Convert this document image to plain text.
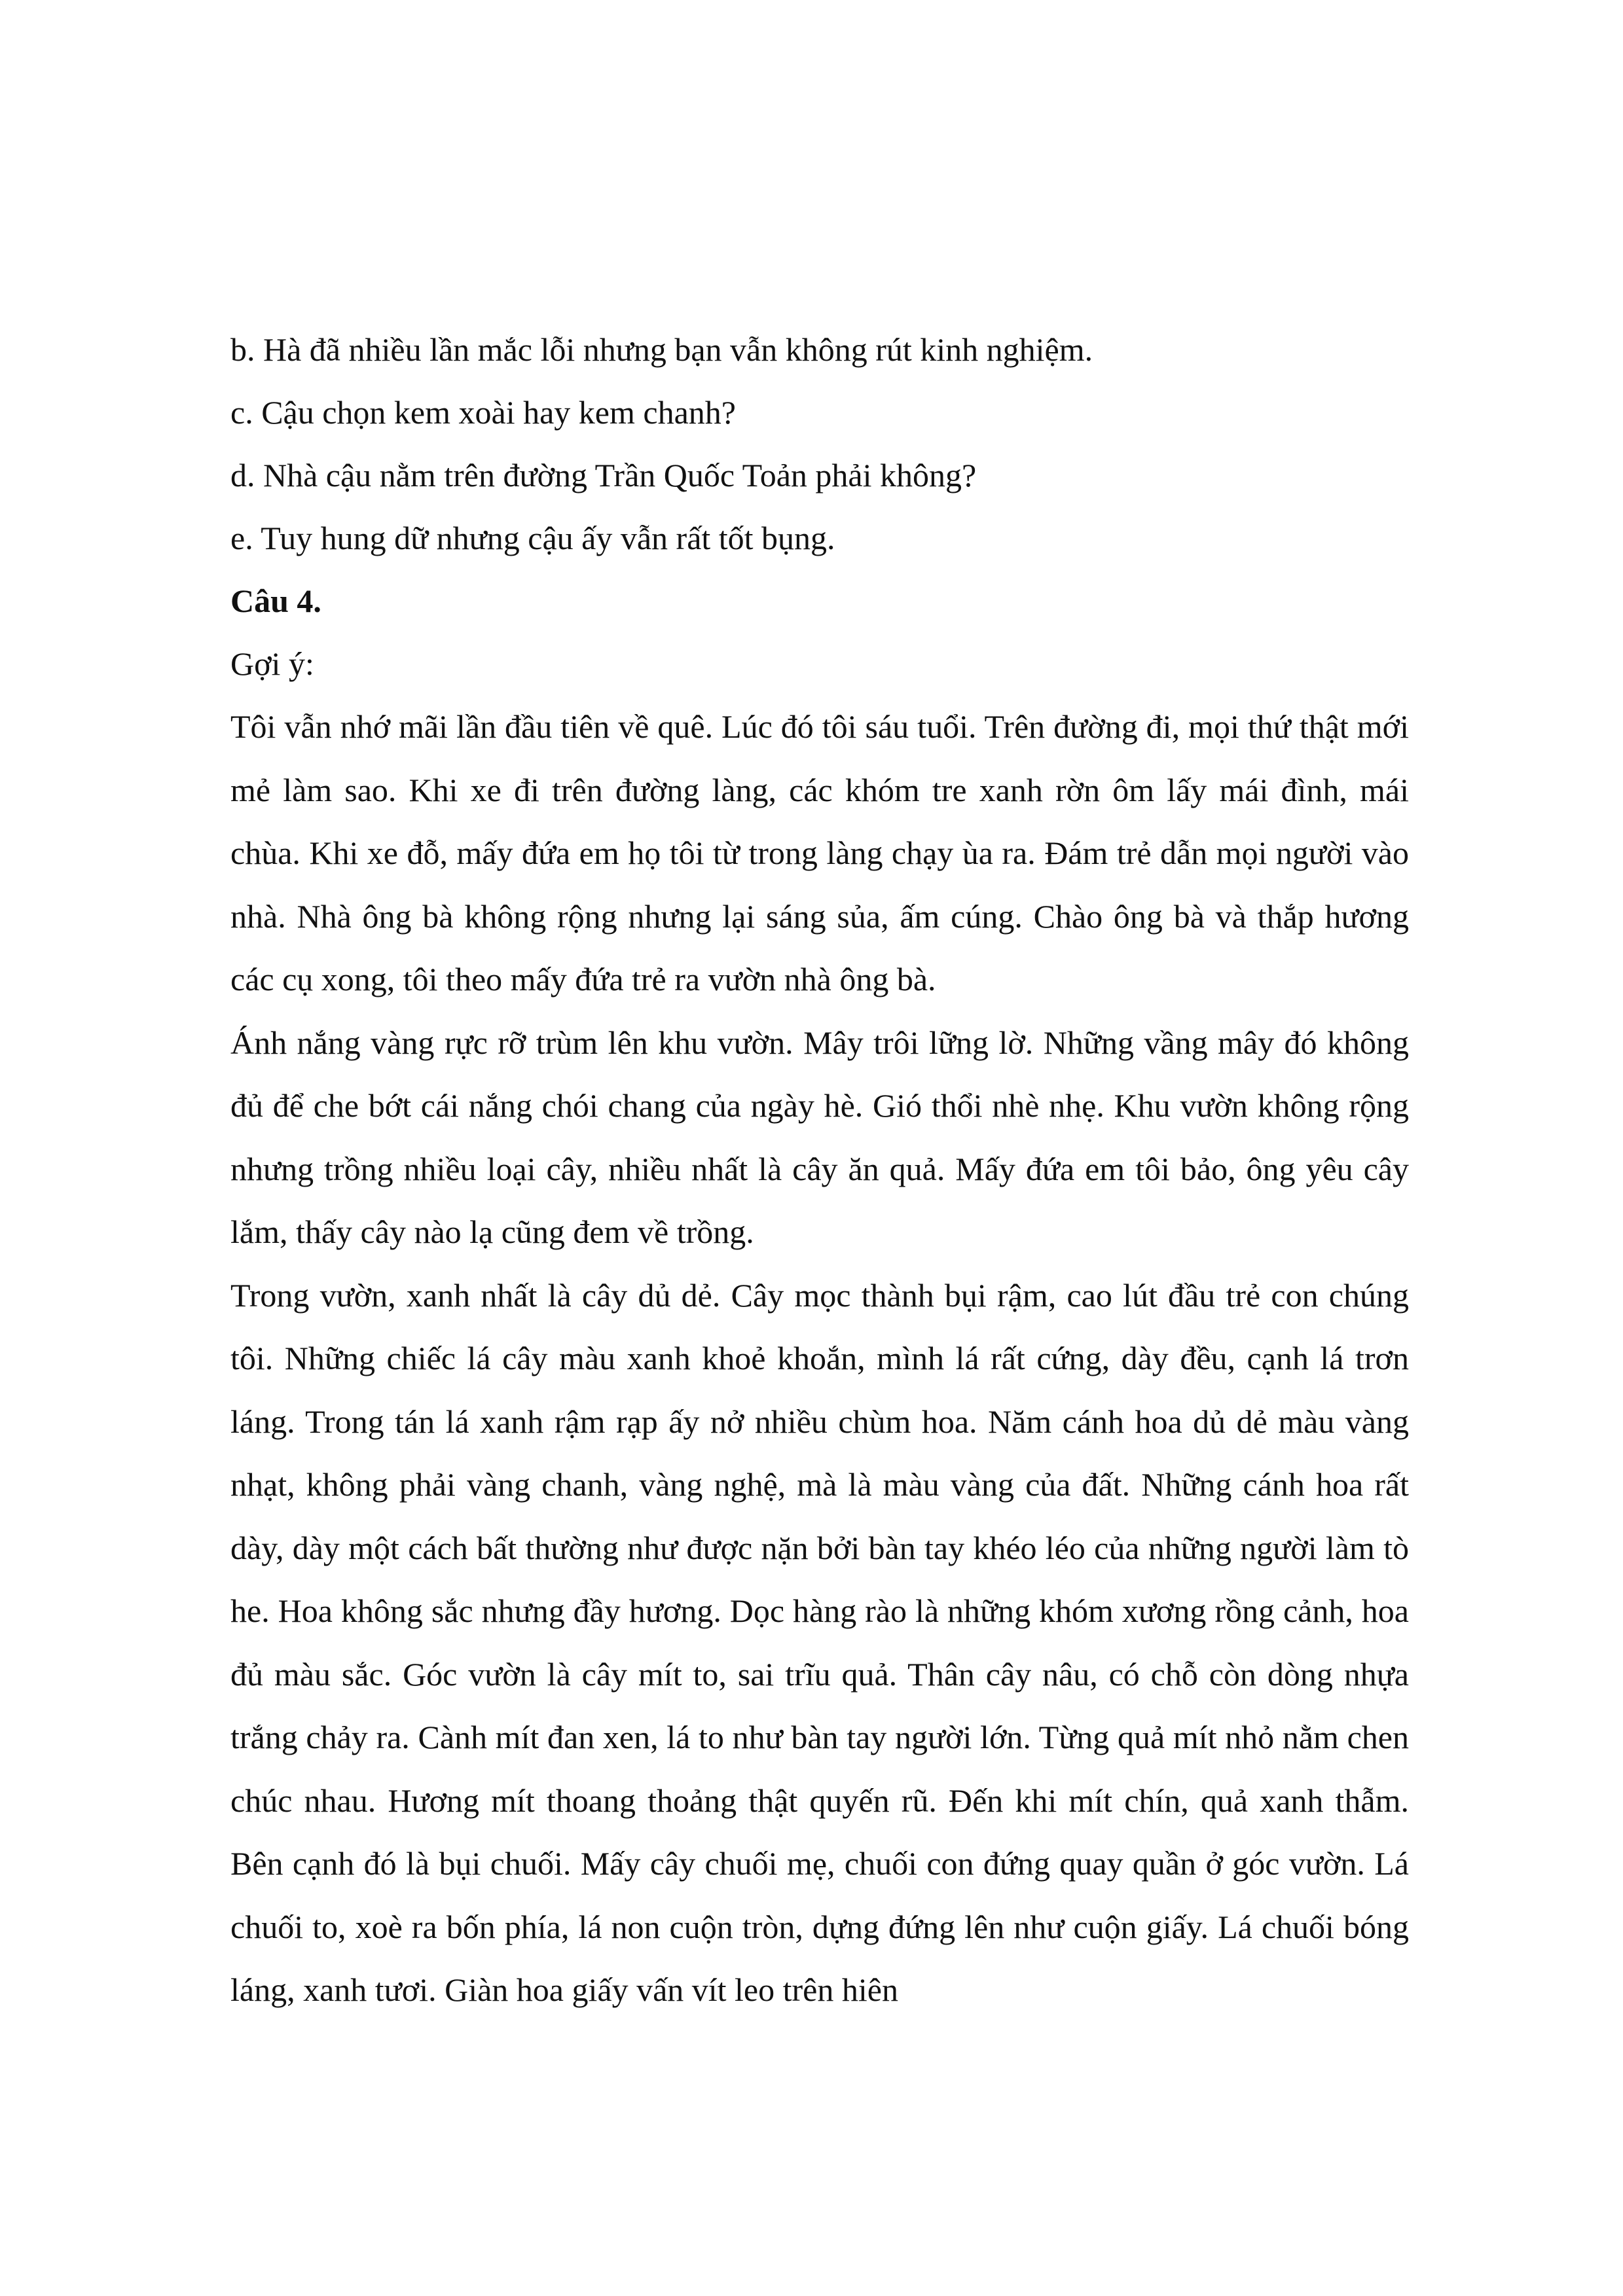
b. Hà đã nhiều lần mắc lỗi nhưng bạn vẫn không rút kinh nghiệm.

c. Cậu chọn kem xoài hay kem chanh?

d. Nhà cậu nằm trên đường Trần Quốc Toản phải không?

e. Tuy hung dữ nhưng cậu ấy vẫn rất tốt bụng.

Câu 4.

Gợi ý:

Tôi vẫn nhớ mãi lần đầu tiên về quê. Lúc đó tôi sáu tuổi. Trên đường đi, mọi thứ thật mới mẻ làm sao. Khi xe đi trên đường làng, các khóm tre xanh rờn ôm lấy mái đình, mái chùa. Khi xe đỗ, mấy đứa em họ tôi từ trong làng chạy ùa ra. Đám trẻ dẫn mọi người vào nhà. Nhà ông bà không rộng nhưng lại sáng sủa, ấm cúng. Chào ông bà và thắp hương các cụ xong, tôi theo mấy đứa trẻ ra vườn nhà ông bà.

Ánh nắng vàng rực rỡ trùm lên khu vườn. Mây trôi lững lờ. Những vầng mây đó không đủ để che bớt cái nắng chói chang của ngày hè. Gió thổi nhè nhẹ. Khu vườn không rộng nhưng trồng nhiều loại cây, nhiều nhất là cây ăn quả. Mấy đứa em tôi bảo, ông yêu cây lắm, thấy cây nào lạ cũng đem về trồng.

Trong vườn, xanh nhất là cây dủ dẻ. Cây mọc thành bụi rậm, cao lút đầu trẻ con chúng tôi. Những chiếc lá cây màu xanh khoẻ khoắn, mình lá rất cứng, dày đều, cạnh lá trơn láng. Trong tán lá xanh rậm rạp ấy nở nhiều chùm hoa. Năm cánh hoa dủ dẻ màu vàng nhạt, không phải vàng chanh, vàng nghệ, mà là màu vàng của đất. Những cánh hoa rất dày, dày một cách bất thường như được nặn bởi bàn tay khéo léo của những người làm tò he. Hoa không sắc nhưng đầy hương. Dọc hàng rào là những khóm xương rồng cảnh, hoa đủ màu sắc. Góc vườn là cây mít to, sai trĩu quả. Thân cây nâu, có chỗ còn dòng nhựa trắng chảy ra. Cành mít đan xen, lá to như bàn tay người lớn. Từng quả mít nhỏ nằm chen chúc nhau. Hương mít thoang thoảng thật quyến rũ. Đến khi mít chín, quả xanh thẫm. Bên cạnh đó là bụi chuối. Mấy cây chuối mẹ, chuối con đứng quay quần ở góc vườn. Lá chuối to, xoè ra bốn phía, lá non cuộn tròn, dựng đứng lên như cuộn giấy. Lá chuối bóng láng, xanh tươi. Giàn hoa giấy vấn vít leo trên hiên
